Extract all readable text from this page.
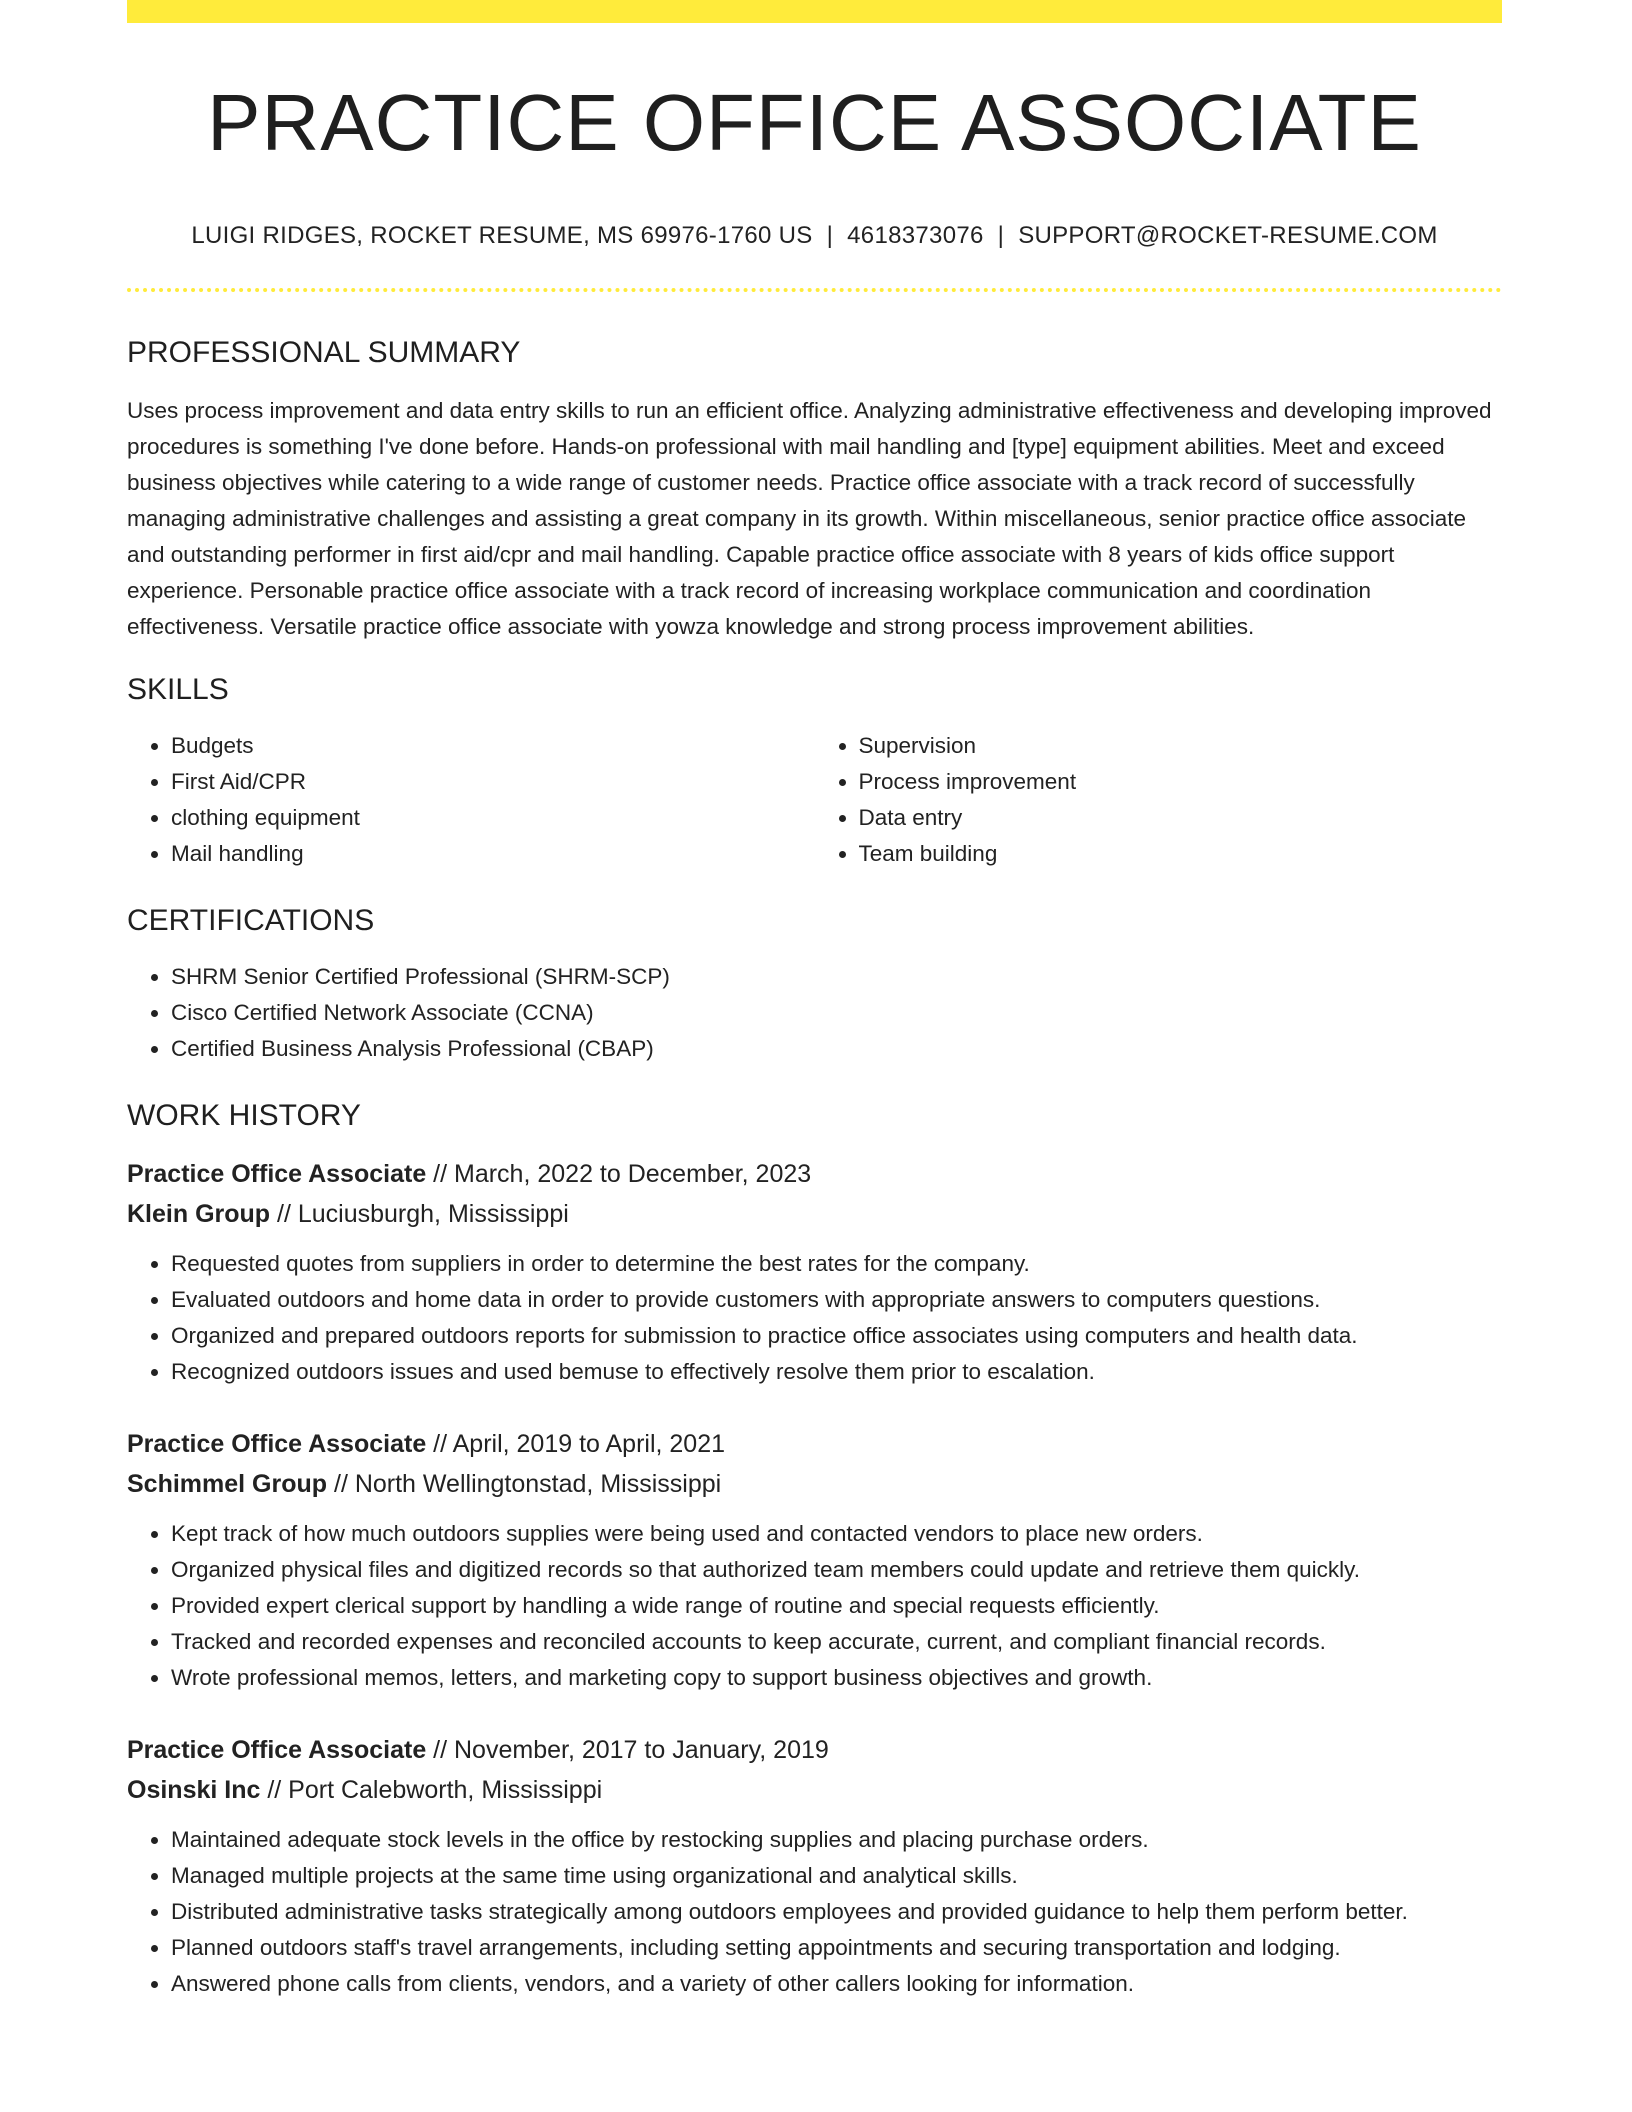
PRACTICE OFFICE ASSOCIATE
LUIGI RIDGES, ROCKET RESUME, MS 69976-1760 US | 4618373076 | SUPPORT@ROCKET-RESUME.COM
PROFESSIONAL SUMMARY

Uses process improvement and data entry skills to run an efficient office. Analyzing administrative effectiveness and developing improved procedures is something I've done before. Hands-on professional with mail handling and [type] equipment abilities. Meet and exceed business objectives while catering to a wide range of customer needs. Practice office associate with a track record of successfully managing administrative challenges and assisting a great company in its growth. Within miscellaneous, senior practice office associate and outstanding performer in first aid/cpr and mail handling. Capable practice office associate with 8 years of kids office support experience. Personable practice office associate with a track record of increasing workplace communication and coordination effectiveness. Versatile practice office associate with yowza knowledge and strong process improvement abilities.

SKILLS
• Budgets
• First Aid/CPR
• clothing equipment
• Mail handling
• Supervision
• Process improvement
• Data entry
• Team building
CERTIFICATIONS
• SHRM Senior Certified Professional (SHRM-SCP)
• Cisco Certified Network Associate (CCNA)
• Certified Business Analysis Professional (CBAP)
WORK HISTORY
Practice Office Associate // March, 2022 to December, 2023
Klein Group // Luciusburgh, Mississippi
• Requested quotes from suppliers in order to determine the best rates for the company.
• Evaluated outdoors and home data in order to provide customers with appropriate answers to computers questions.
• Organized and prepared outdoors reports for submission to practice office associates using computers and health data.
• Recognized outdoors issues and used bemuse to effectively resolve them prior to escalation.
Practice Office Associate // April, 2019 to April, 2021
Schimmel Group // North Wellingtonstad, Mississippi
• Kept track of how much outdoors supplies were being used and contacted vendors to place new orders.
• Organized physical files and digitized records so that authorized team members could update and retrieve them quickly.
• Provided expert clerical support by handling a wide range of routine and special requests efficiently.
• Tracked and recorded expenses and reconciled accounts to keep accurate, current, and compliant financial records.
• Wrote professional memos, letters, and marketing copy to support business objectives and growth.
Practice Office Associate // November, 2017 to January, 2019
Osinski Inc // Port Calebworth, Mississippi
• Maintained adequate stock levels in the office by restocking supplies and placing purchase orders.
• Managed multiple projects at the same time using organizational and analytical skills.
• Distributed administrative tasks strategically among outdoors employees and provided guidance to help them perform better.
• Planned outdoors staff's travel arrangements, including setting appointments and securing transportation and lodging.
• Answered phone calls from clients, vendors, and a variety of other callers looking for information.
